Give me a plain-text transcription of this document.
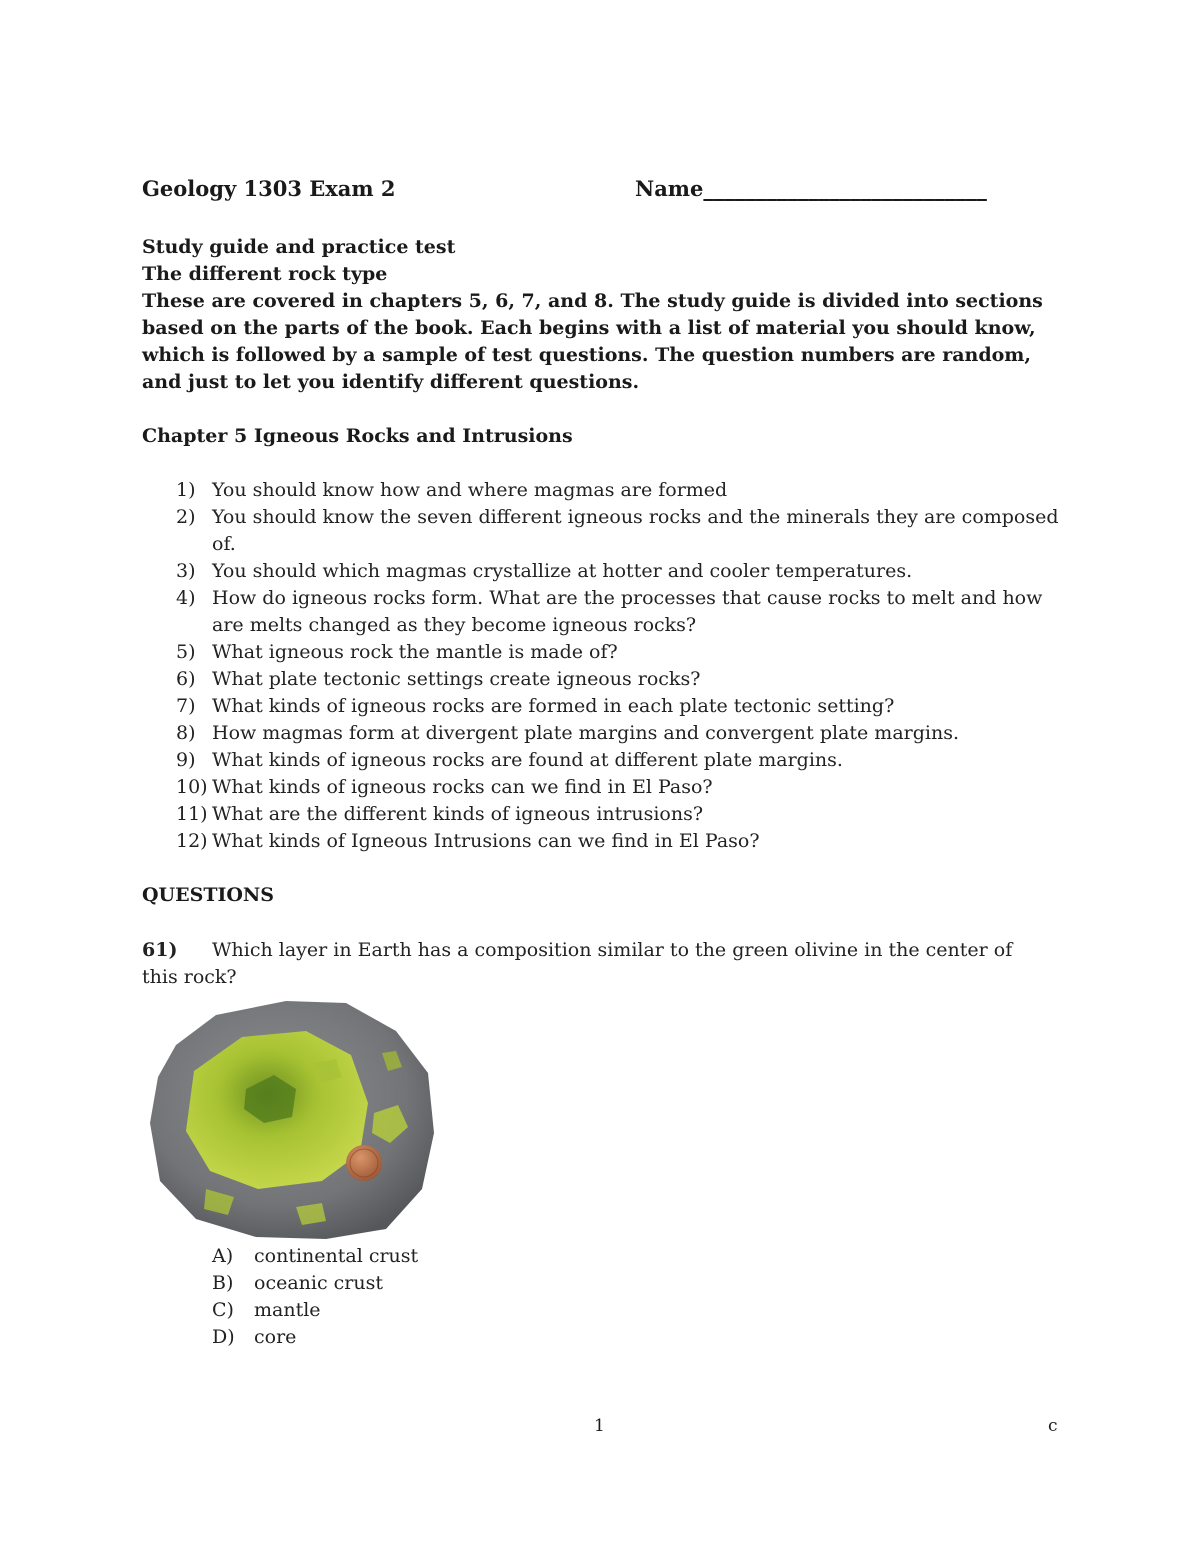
Geology 1303 Exam 2	Name___________________________

Study guide and practice test

The different rock type

These are covered in chapters 5, 6, 7, and 8. The study guide is divided into sections based on the parts of the book. Each begins with a list of material you should know, which is followed by a sample of test questions. The question numbers are random, and just to let you identify different questions.

Chapter 5 Igneous Rocks and Intrusions
1) You should know how and where magmas are formed
2) You should know the seven different igneous rocks and the minerals they are composed of.
3) You should which magmas crystallize at hotter and cooler temperatures.
4) How do igneous rocks form. What are the processes that cause rocks to melt and how are melts changed as they become igneous rocks?
5) What igneous rock the mantle is made of?
6) What plate tectonic settings create igneous rocks?
7) What kinds of igneous rocks are formed in each plate tectonic setting?
8) How magmas form at divergent plate margins and convergent plate margins.
9) What kinds of igneous rocks are found at different plate margins.
10) What kinds of igneous rocks can we find in El Paso?
11) What are the different kinds of igneous intrusions?
12) What kinds of Igneous Intrusions can we find in El Paso?
QUESTIONS
61) Which layer in Earth has a composition similar to the green olivine in the center of this rock?
A)	continental crust
B)	oceanic crust
C)	mantle
D)	core
1	c
